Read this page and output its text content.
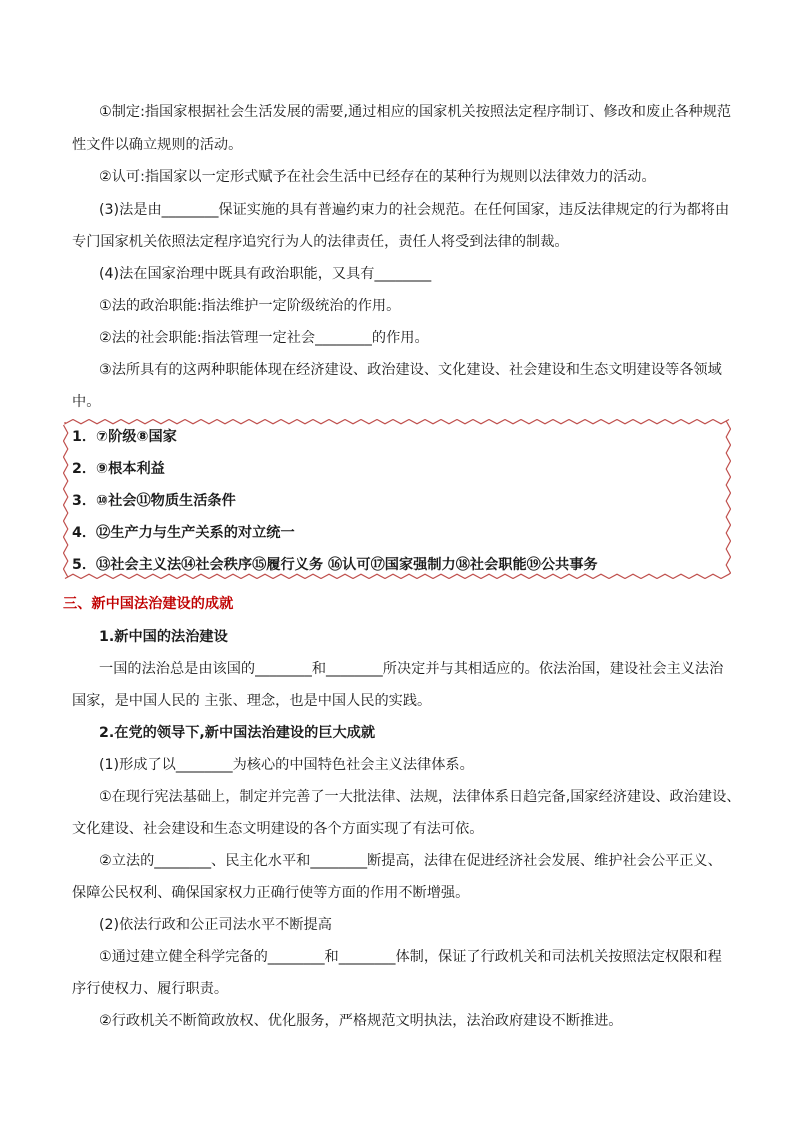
①制定:指国家根据社会生活发展的需要,通过相应的国家机关按照法定程序制订、修改和废止各种规范
性文件以确立规则的活动。
②认可:指国家以一定形式赋予在社会生活中已经存在的某种行为规则以法律效力的活动。
(3)法是由________保证实施的具有普遍约束力的社会规范。在任何国家，违反法律规定的行为都将由
专门国家机关依照法定程序追究行为人的法律责任，责任人将受到法律的制裁。
(4)法在国家治理中既具有政治职能，又具有________
①法的政治职能:指法维护一定阶级统治的作用。
②法的社会职能:指法管理一定社会________的作用。
③法所具有的这两种职能体现在经济建设、政治建设、文化建设、社会建设和生态文明建设等各领域
中。
1．⑦阶级⑧国家
2．⑨根本利益
3．⑩社会⑪物质生活条件
4．⑫生产力与生产关系的对立统一
5．⑬社会主义法⑭社会秩序⑮履行义务 ⑯认可⑰国家强制力⑱社会职能⑲公共事务
三、新中国法治建设的成就
1.新中国的法治建设
一国的法治总是由该国的________和________所决定并与其相适应的。依法治国，建设社会主义法治
国家，是中国人民的 主张、理念，也是中国人民的实践。
2.在党的领导下,新中国法治建设的巨大成就
(1)形成了以________为核心的中国特色社会主义法律体系。
①在现行宪法基础上，制定并完善了一大批法律、法规，法律体系日趋完备,国家经济建设、政治建设、
文化建设、社会建设和生态文明建设的各个方面实现了有法可依。
②立法的________、民主化水平和________断提高，法律在促进经济社会发展、维护社会公平正义、
保障公民权利、确保国家权力正确行使等方面的作用不断增强。
(2)依法行政和公正司法水平不断提高
①通过建立健全科学完备的________和________体制，保证了行政机关和司法机关按照法定权限和程
序行使权力、履行职责。
②行政机关不断简政放权、优化服务，严格规范文明执法，法治政府建设不断推进。
